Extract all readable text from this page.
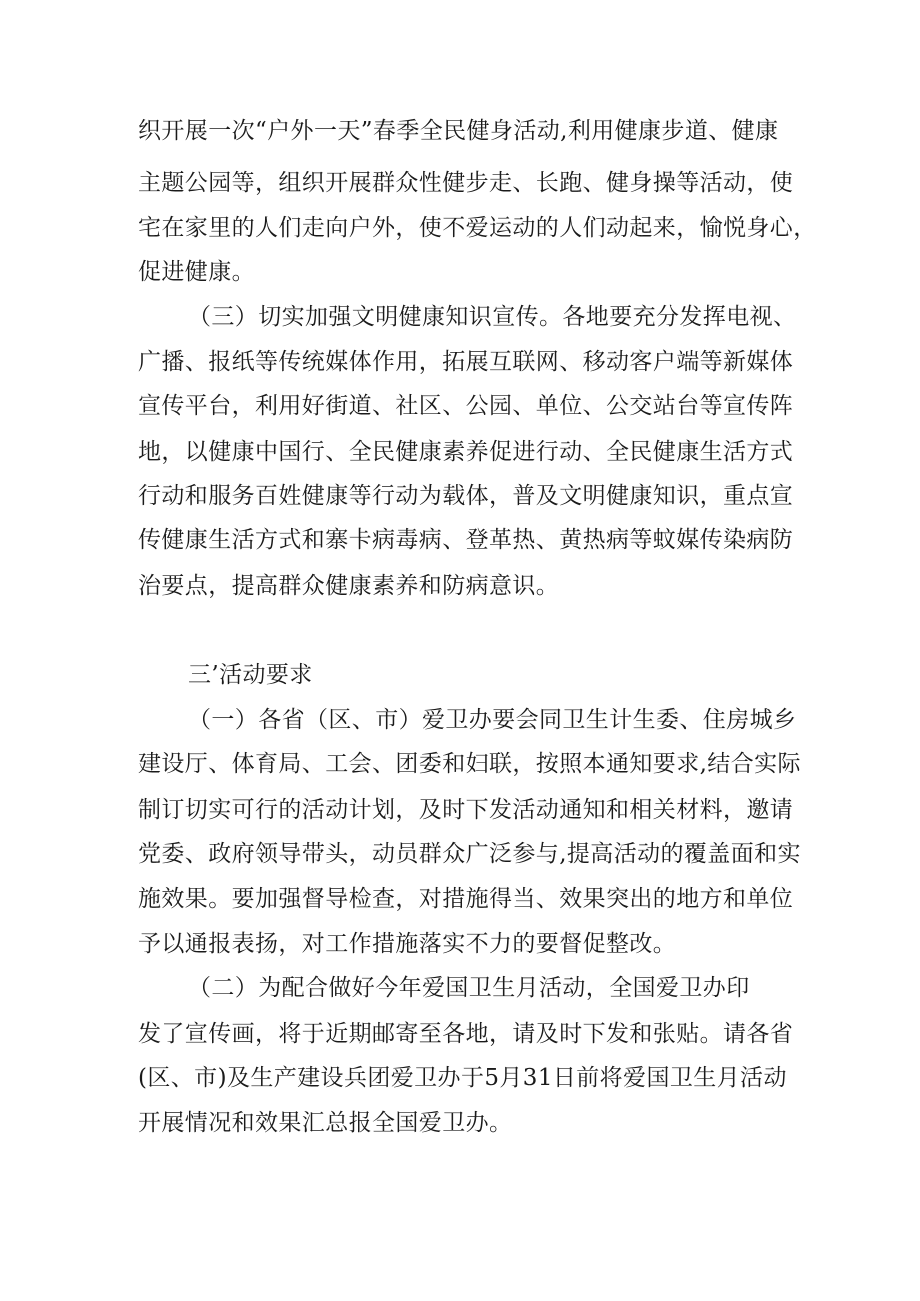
织开展一次“户外一天”春季全民健身活动,利用健康步道、健康
主题公园等，组织开展群众性健步走、长跑、健身操等活动，使
宅在家里的人们走向户外，使不爱运动的人们动起来，愉悦身心，
促进健康。
（三）切实加强文明健康知识宣传。各地要充分发挥电视、
广播、报纸等传统媒体作用，拓展互联网、移动客户端等新媒体
宣传平台，利用好街道、社区、公园、单位、公交站台等宣传阵
地，以健康中国行、全民健康素养促进行动、全民健康生活方式
行动和服务百姓健康等行动为载体，普及文明健康知识，重点宣
传健康生活方式和寨卡病毒病、登革热、黄热病等蚊媒传染病防
治要点，提高群众健康素养和防病意识。
三’活动要求
（一）各省（区、市）爱卫办要会同卫生计生委、住房城乡
建设厅、体育局、工会、团委和妇联，按照本通知要求,结合实际
制订切实可行的活动计划，及时下发活动通知和相关材料，邀请
党委、政府领导带头，动员群众广泛参与,提高活动的覆盖面和实
施效果。要加强督导检查，对措施得当、效果突出的地方和单位
予以通报表扬，对工作措施落实不力的要督促整改。
（二）为配合做好今年爱国卫生月活动，全国爱卫办印
发了宣传画，将于近期邮寄至各地，请及时下发和张贴。请各省
(区、市)及生产建设兵团爱卫办于5月31日前将爱国卫生月活动
开展情况和效果汇总报全国爱卫办。
